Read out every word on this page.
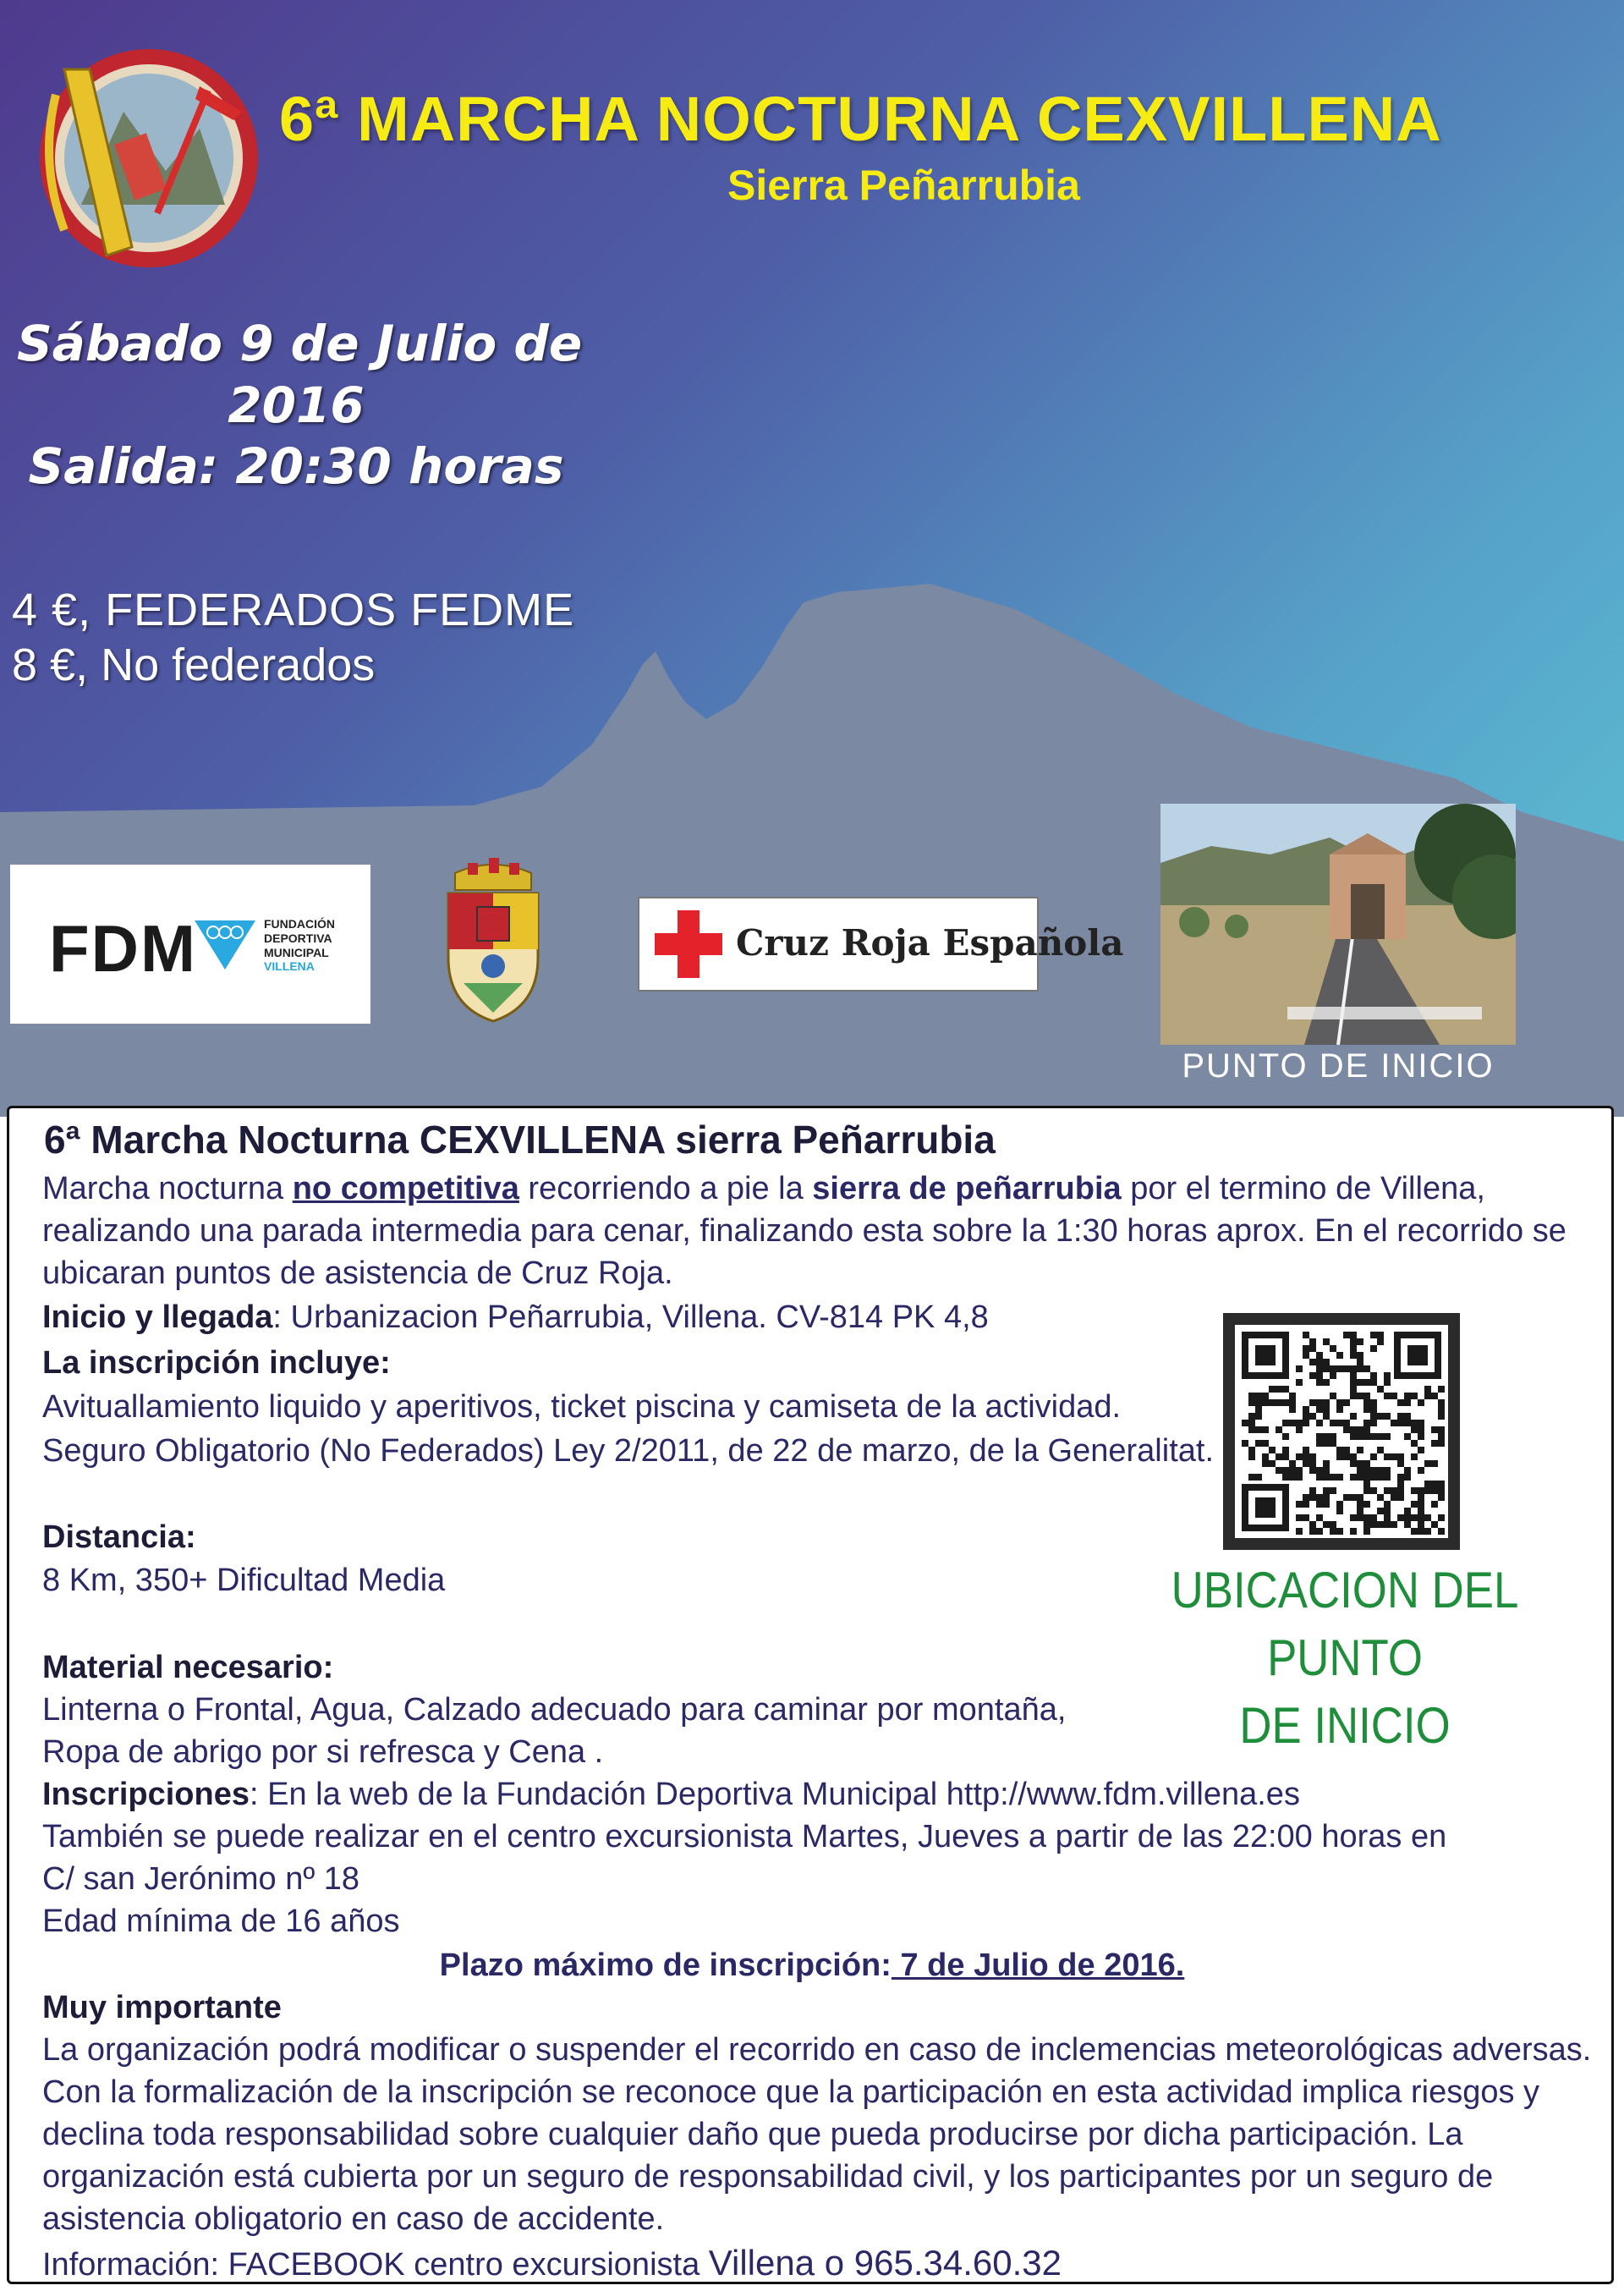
6ª MARCHA NOCTURNA CEXVILLENA
Sierra Peñarrubia
Sábado 9 de Julio de
2016
Salida: 20:30 horas
4 €, FEDERADOS FEDME
8 €, No federados
FDM	FUNDACIÓN
DEPORTIVA
MUNICIPAL
VILLENA
Cruz Roja Española
PUNTO DE INICIO
6ª Marcha Nocturna CEXVILLENA sierra Peñarrubia
Marcha nocturna no competitiva recorriendo a pie la sierra de peñarrubia por el termino de Villena,
realizando una parada intermedia para cenar, finalizando esta sobre la 1:30 horas aprox. En el recorrido se
ubicaran puntos de asistencia de Cruz Roja.
Inicio y llegada: Urbanizacion Peñarrubia, Villena. CV-814 PK 4,8
La inscripción incluye:
Avituallamiento liquido y aperitivos, ticket piscina y camiseta de la actividad.
Seguro Obligatorio (No Federados) Ley 2/2011, de 22 de marzo, de la Generalitat.
Distancia:
8 Km, 350+ Dificultad Media
Material necesario:
Linterna o Frontal, Agua, Calzado adecuado para caminar por montaña,
Ropa de abrigo por si refresca y Cena .
Inscripciones: En la web de la Fundación Deportiva Municipal http://www.fdm.villena.es
También se puede realizar en el centro excursionista Martes, Jueves a partir de las 22:00 horas en
C/ san Jerónimo nº 18
Edad mínima de 16 años
Plazo máximo de inscripción: 7 de Julio de 2016.
Muy importante
La organización podrá modificar o suspender el recorrido en caso de inclemencias meteorológicas adversas.
Con la formalización de la inscripción se reconoce que la participación en esta actividad implica riesgos y
declina toda responsabilidad sobre cualquier daño que pueda producirse por dicha participación. La
organización está cubierta por un seguro de responsabilidad civil, y los participantes por un seguro de
asistencia obligatorio en caso de accidente.
Información: FACEBOOK centro excursionista Villena o 965.34.60.32
UBICACION DEL PUNTO
DE INICIO
